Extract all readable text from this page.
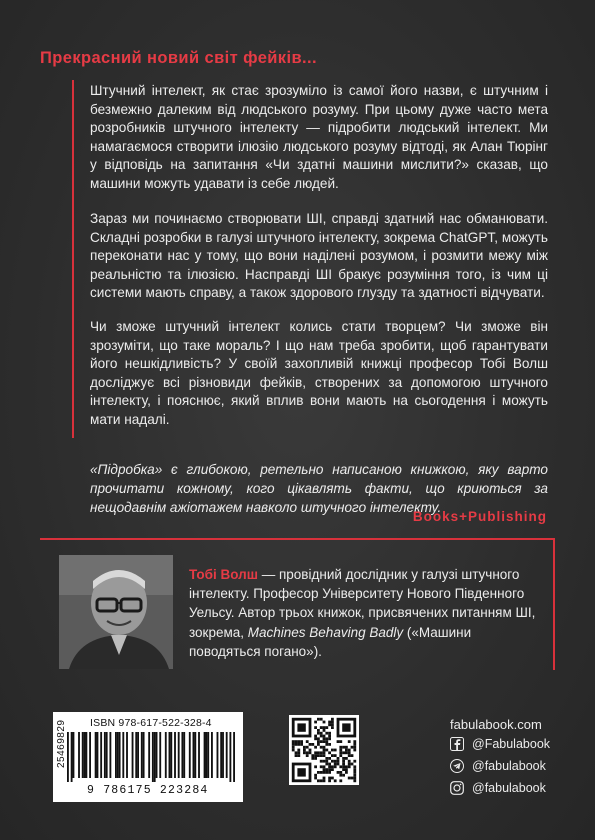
Прекрасний новий світ фейків...

Штучний інтелект, як стає зрозуміло із самої його назви, є штучним і безмежно далеким від людського розуму. При цьому дуже часто мета розробників штучного інтелекту — підробити людський інтелект. Ми намагаємося створити ілюзію людського розуму відтоді, як Алан Тюрінг у відповідь на запитання «Чи здатні машини мислити?» сказав, що машини можуть удавати із себе людей.

Зараз ми починаємо створювати ШІ, справді здатний нас обманювати. Складні розробки в галузі штучного інтелекту, зокрема ChatGPT, можуть переконати нас у тому, що вони наділені розумом, і розмити межу між реальністю та ілюзією. Насправді ШІ бракує розуміння того, із чим ці системи мають справу, а також здорового глузду та здатності відчувати.

Чи зможе штучний інтелект колись стати творцем? Чи зможе він зрозуміти, що таке мораль? І що нам треба зробити, щоб гарантувати його нешкідливість? У своїй захопливій книжці професор Тобі Волш досліджує всі різновиди фейків, створених за допомогою штучного інтелекту, і пояснює, який вплив вони мають на сьогодення і можуть мати надалі.

«Підробка» є глибокою, ретельно написаною книжкою, яку варто прочитати кожному, кого цікавлять факти, що криються за нещодавнім ажіотажем навколо штучного інтелекту.

Books+Publishing

Тобі Волш — провідний дослідник у галузі штучного інтелекту. Професор Університету Нового Південного Уельсу. Автор трьох книжок, присвячених питанням ШІ, зокрема, Machines Behaving Badly («Машини поводяться погано»).

ISBN 978-617-522-328-4
25469829
9 786175 223284
fabulabook.com
@Fabulabook
@fabulabook
@fabulabook
